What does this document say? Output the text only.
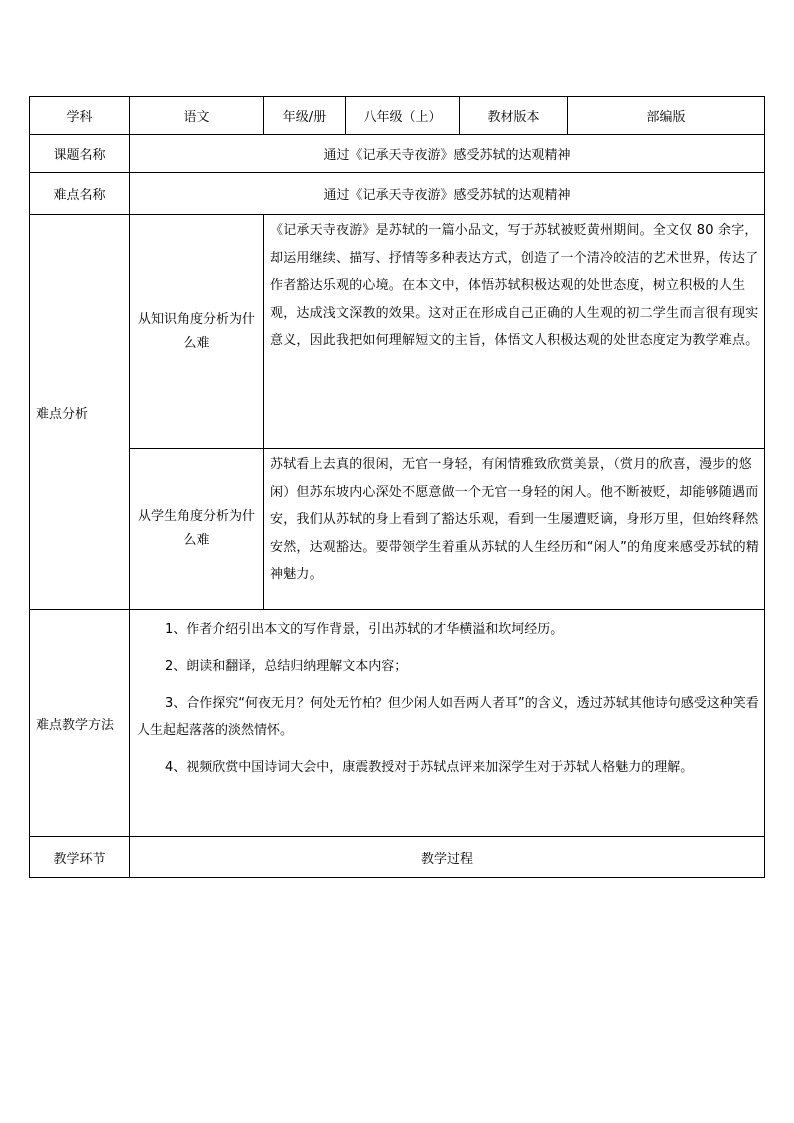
学科	语文	年级/册	八年级（上）	教材版本	部编版
课题名称	通过《记承天寺夜游》感受苏轼的达观精神				
难点名称	通过《记承天寺夜游》感受苏轼的达观精神				
难点分析	从知识角度分析为什么难	《记承天寺夜游》是苏轼的一篇小品文，写于苏轼被贬黄州期间。全文仅 80 余字，却运用继续、描写、抒情等多种表达方式，创造了一个清冷皎洁的艺术世界，传达了作者豁达乐观的心境。在本文中，体悟苏轼积极达观的处世态度，树立积极的人生观，达成浅文深教的效果。这对正在形成自己正确的人生观的初二学生而言很有现实意义，因此我把如何理解短文的主旨，体悟文人积极达观的处世态度定为教学难点。			
	从学生角度分析为什么难	苏轼看上去真的很闲，无官一身轻，有闲情雅致欣赏美景，（赏月的欣喜，漫步的悠闲）但苏东坡内心深处不愿意做一个无官一身轻的闲人。他不断被贬，却能够随遇而安，我们从苏轼的身上看到了豁达乐观，看到一生屡遭贬谪，身形万里，但始终释然安然，达观豁达。要带领学生着重从苏轼的人生经历和“闲人”的角度来感受苏轼的精神魅力。			
难点教学方法	1、作者介绍引出本文的写作背景，引出苏轼的才华横溢和坎坷经历。

2、朗读和翻译，总结归纳理解文本内容；

3、合作探究“何夜无月？何处无竹柏？但少闲人如吾两人者耳”的含义，透过苏轼其他诗句感受这种笑看人生起起落落的淡然情怀。

4、视频欣赏中国诗词大会中，康震教授对于苏轼点评来加深学生对于苏轼人格魅力的理解。				

教学环节	教学过程				
